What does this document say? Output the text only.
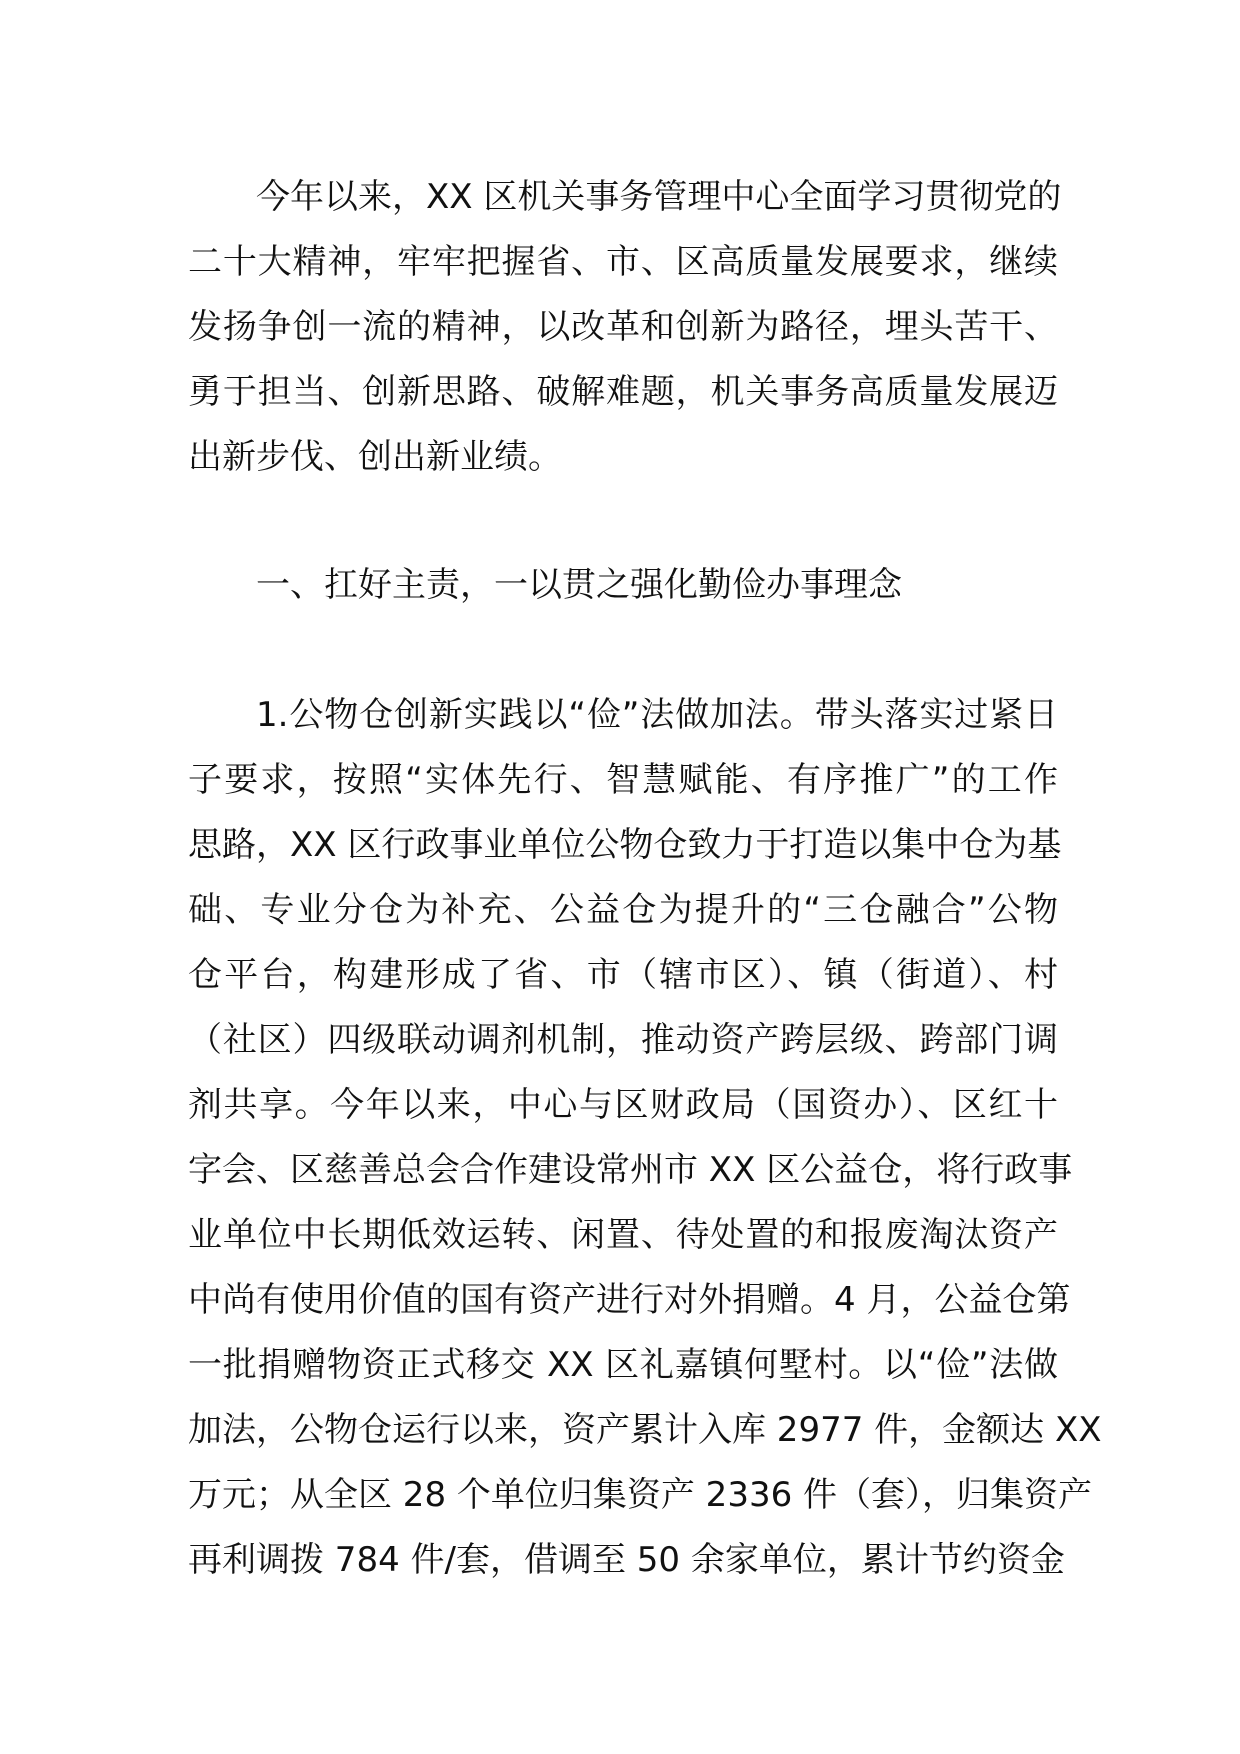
今年以来，XX 区机关事务管理中心全面学习贯彻党的
二十大精神，牢牢把握省、市、区高质量发展要求，继续
发扬争创一流的精神，以改革和创新为路径，埋头苦干、
勇于担当、创新思路、破解难题，机关事务高质量发展迈
出新步伐、创出新业绩。
一、扛好主责，一以贯之强化勤俭办事理念
1.公物仓创新实践以“俭”法做加法。带头落实过紧日
子要求，按照“实体先行、智慧赋能、有序推广”的工作
思路，XX 区行政事业单位公物仓致力于打造以集中仓为基
础、专业分仓为补充、公益仓为提升的“三仓融合”公物
仓平台，构建形成了省、市（辖市区）、镇（街道）、村
（社区）四级联动调剂机制，推动资产跨层级、跨部门调
剂共享。今年以来，中心与区财政局（国资办）、区红十
字会、区慈善总会合作建设常州市 XX 区公益仓，将行政事
业单位中长期低效运转、闲置、待处置的和报废淘汰资产
中尚有使用价值的国有资产进行对外捐赠。4 月，公益仓第
一批捐赠物资正式移交 XX 区礼嘉镇何墅村。以“俭”法做
加法，公物仓运行以来，资产累计入库 2977 件，金额达 XX
万元；从全区 28 个单位归集资产 2336 件（套），归集资产
再利调拨 784 件/套，借调至 50 余家单位，累计节约资金
